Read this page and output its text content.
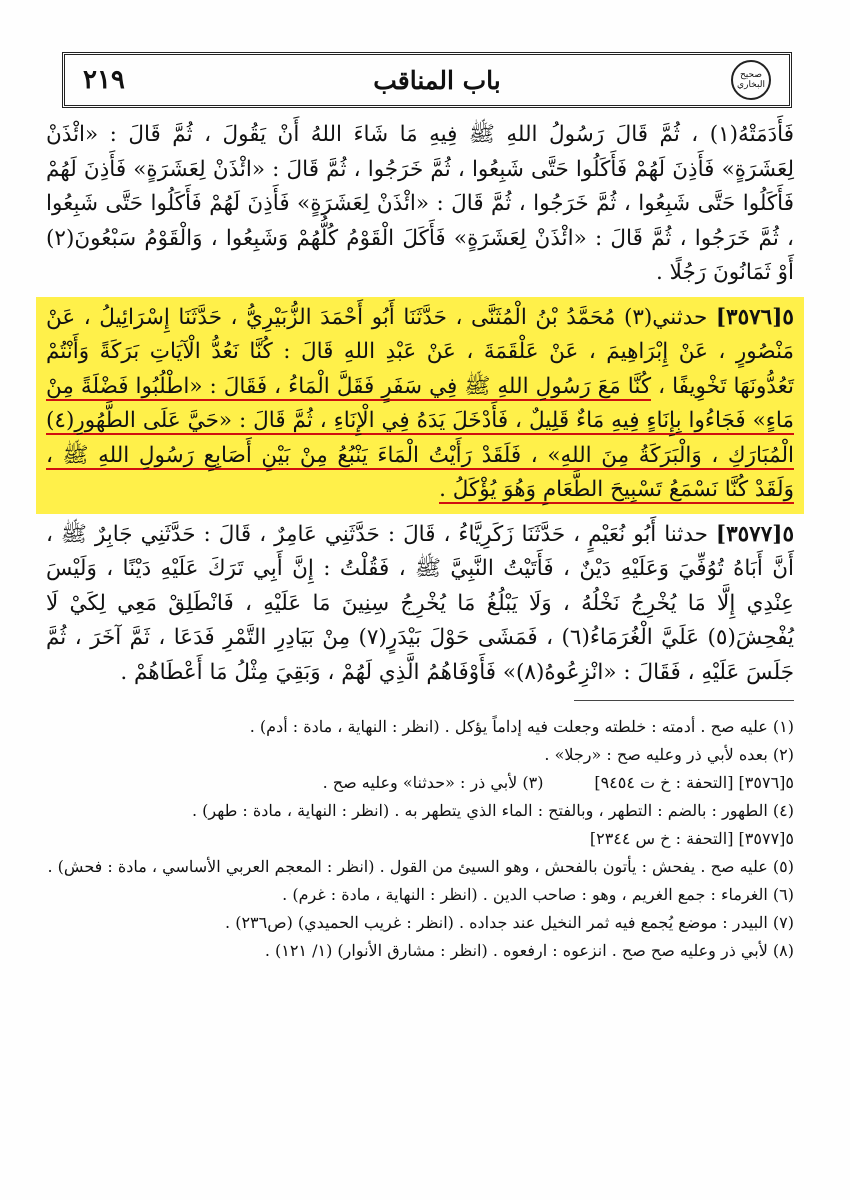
صحيح البخاري
باب المناقب
٢١٩

فَأَدَمَتْهُ(١) ، ثُمَّ قَالَ رَسُولُ اللهِ ﷺ فِيهِ مَا شَاءَ اللهُ أَنْ يَقُولَ ، ثُمَّ قَالَ : «ائْذَنْ لِعَشَرَةٍ» فَأَذِنَ لَهُمْ فَأَكَلُوا حَتَّى شَبِعُوا ، ثُمَّ خَرَجُوا ، ثُمَّ قَالَ : «ائْذَنْ لِعَشَرَةٍ» فَأَذِنَ لَهُمْ فَأَكَلُوا حَتَّى شَبِعُوا ، ثُمَّ خَرَجُوا ، ثُمَّ قَالَ : «ائْذَنْ لِعَشَرَةٍ» فَأَذِنَ لَهُمْ فَأَكَلُوا حَتَّى شَبِعُوا ، ثُمَّ خَرَجُوا ، ثُمَّ قَالَ : «ائْذَنْ لِعَشَرَةٍ» فَأَكَلَ الْقَوْمُ كُلُّهُمْ وَشَبِعُوا ، وَالْقَوْمُ سَبْعُونَ(٢) أَوْ ثَمَانُونَ رَجُلًا .

٥[٣٥٧٦] حدثني(٣) مُحَمَّدُ بْنُ الْمُثَنَّى ، حَدَّثَنَا أَبُو أَحْمَدَ الزُّبَيْرِيُّ ، حَدَّثَنَا إِسْرَائِيلُ ، عَنْ مَنْصُورٍ ، عَنْ إِبْرَاهِيمَ ، عَنْ عَلْقَمَةَ ، عَنْ عَبْدِ اللهِ قَالَ : كُنَّا نَعُدُّ الْآيَاتِ بَرَكَةً وَأَنْتُمْ تَعُدُّونَهَا تَخْوِيفًا ، كُنَّا مَعَ رَسُولِ اللهِ ﷺ فِي سَفَرٍ فَقَلَّ الْمَاءُ ، فَقَالَ : «اطْلُبُوا فَضْلَةً مِنْ مَاءٍ» فَجَاءُوا بِإِنَاءٍ فِيهِ مَاءٌ قَلِيلٌ ، فَأَدْخَلَ يَدَهُ فِي الْإِنَاءِ ، ثُمَّ قَالَ : «حَيَّ عَلَى الطَّهُورِ(٤) الْمُبَارَكِ ، وَالْبَرَكَةُ مِنَ اللهِ» ، فَلَقَدْ رَأَيْتُ الْمَاءَ يَنْبُعُ مِنْ بَيْنِ أَصَابِعِ رَسُولِ اللهِ ﷺ ، وَلَقَدْ كُنَّا نَسْمَعُ تَسْبِيحَ الطَّعَامِ وَهُوَ يُؤْكَلُ .

٥[٣٥٧٧] حدثنا أَبُو نُعَيْمٍ ، حَدَّثَنَا زَكَرِيَّاءُ ، قَالَ : حَدَّثَنِي عَامِرٌ ، قَالَ : حَدَّثَنِي جَابِرٌ ﷺ ، أَنَّ أَبَاهُ تُوُفِّيَ وَعَلَيْهِ دَيْنٌ ، فَأَتَيْتُ النَّبِيَّ ﷺ ، فَقُلْتُ : إِنَّ أَبِي تَرَكَ عَلَيْهِ دَيْنًا ، وَلَيْسَ عِنْدِي إِلَّا مَا يُخْرِجُ نَخْلُهُ ، وَلَا يَبْلُغُ مَا يُخْرِجُ سِنِينَ مَا عَلَيْهِ ، فَانْطَلِقْ مَعِي لِكَيْ لَا يُفْحِشَ(٥) عَلَيَّ الْغُرَمَاءُ(٦) ، فَمَشَى حَوْلَ بَيْدَرٍ(٧) مِنْ بَيَادِرِ التَّمْرِ فَدَعَا ، ثَمَّ آخَرَ ، ثُمَّ جَلَسَ عَلَيْهِ ، فَقَالَ : «انْزِعُوهُ(٨)» فَأَوْفَاهُمُ الَّذِي لَهُمْ ، وَبَقِيَ مِثْلُ مَا أَعْطَاهُمْ .

(١) عليه صح . أدمته : خلطته وجعلت فيه إداماً يؤكل . (انظر : النهاية ، مادة : أدم) .
(٢) بعده لأبي ذر وعليه صح : «رجلا» .
٥[٣٥٧٦] [التحفة : خ ت ٩٤٥٤]          (٣) لأبي ذر : «حدثنا» وعليه صح .
(٤) الطهور : بالضم : التطهر ، وبالفتح : الماء الذي يتطهر به . (انظر : النهاية ، مادة : طهر) .
٥[٣٥٧٧] [التحفة : خ س ٢٣٤٤]
(٥) عليه صح . يفحش : يأتون بالفحش ، وهو السيئ من القول . (انظر : المعجم العربي الأساسي ، مادة : فحش) .
(٦) الغرماء : جمع الغريم ، وهو : صاحب الدين . (انظر : النهاية ، مادة : غرم) .
(٧) البيدر : موضع يُجمع فيه ثمر النخيل عند جداده . (انظر : غريب الحميدي) (ص٢٣٦) .
(٨) لأبي ذر وعليه صح صح . انزعوه : ارفعوه . (انظر : مشارق الأنوار) (١/ ١٢١) .
